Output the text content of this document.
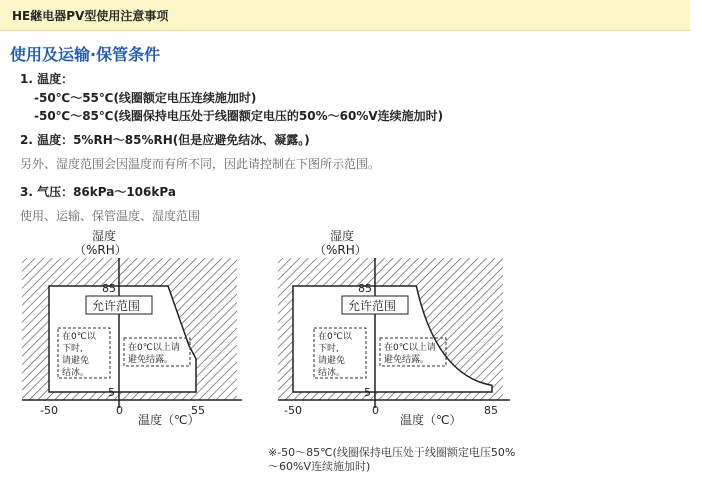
HE継电器PV型使用注意事项
使用及运输·保管条件
1. 温度：
-50℃～55℃(线圈额定电压连续施加时)
-50℃～85℃(线圈保持电压处于线圈额定电压的50%～60%V连续施加时)
2. 温度：5%RH～85%RH(但是应避免结冰、凝露。)
另外、湿度范围会因温度而有所不同，因此请控制在下图所示范围。
3. 气压：86kPa～106kPa
使用、运输、保管温度、湿度范围
湿度
（%RH）
85
5
-50	0	55
温度（℃）
允许范围
在0℃以
下时,
请避免
结冰。
在0℃以上请
避免结露。
湿度
（%RH）
85
5
-50	0	85
温度（℃）
允许范围
在0℃以
下时,
请避免
结冰。
在0℃以上请
避免结露。
※-50～85℃(线圈保持电压处于线圈额定电压50%～60%V连续施加时)
